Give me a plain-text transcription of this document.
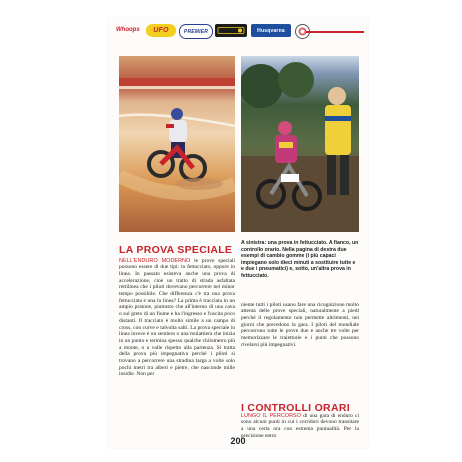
Whoops	UFO	PREMIER	Husqvarna
LA PROVA SPECIALE

NELL'ENDURO MODERNO le prove speciali possono essere di due tipi: in fettucciato, oppure in linea. In passato esisteva anche una prova di accelerazione, cioè un tratto di strada asfaltata rettilinea che i piloti dovevano percorrere nel minor tempo possibile. Che differenza c'è tra una prova fettucciata e una in linea? La prima è tracciata in un ampio pratone, piuttosto che all'interno di una cava o sul greto di un fiume e ha l'ingresso e l'uscita poco distanti. Il tracciato è molto simile a un campo di cross, con curve e talvolta salti. La prova speciale in linea invece è un sentiero o una mulattiera che inizia in un punto e termina spesso qualche chilometro più a monte, o a valle rispetto alla partenza. Si tratta della prova più impegnativa perché i piloti si trovano a percorrere una stradina larga a volte solo pochi metri tra alberi e pietre, che nasconde mille insidie. Non per

A sinistra: una prova in fettucciato. A fianco, un controllo orario. Nella pagina di destra due esempi di cambio gomme (i più capaci impiegano solo dieci minuti a sostituire tutte e e due i pneumatici) e, sotto, un'altra prova in fettucciato.

niente tutti i piloti usano fare una ricognizione molto attenta delle prove speciali, naturalmente a piedi perché il regolamento non permette altrimenti, nei giorni che precedono la gara. I piloti del mondiale percorrono tutte le prove due e anche tre volte per memorizzare le traiettorie e i punti che possono rivelarsi più impegnativi.

I CONTROLLI ORARI

LUNGO IL PERCORSO di una gara di enduro ci sono alcuni punti in cui i corridori devono transitare a una certa ora con estrema puntualità. Per la precisione entro

200
